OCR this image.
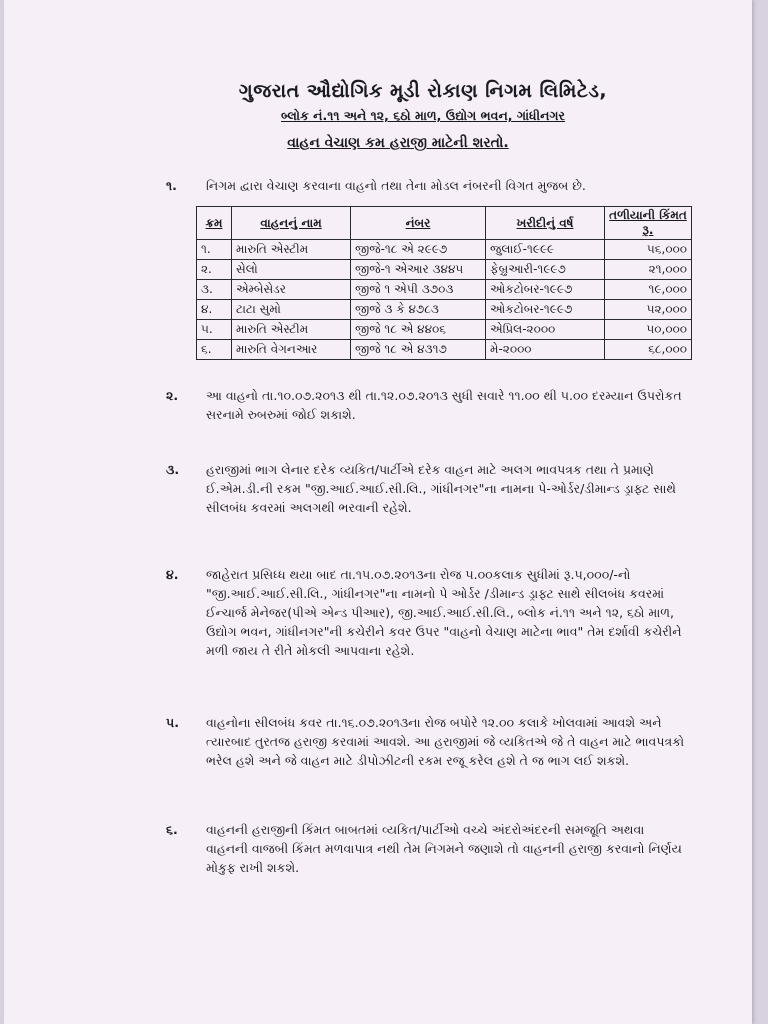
ગુજરાત ઔદ્યોગિક મૂડી રોકાણ નિગમ લિમિટેડ,
બ્લોક નં.૧૧ અને ૧૨, ૬ઠો માળ, ઉદ્યોગ ભવન, ગાંધીનગર
વાહન વેચાણ કમ હરાજી માટેની શરતો.
૧. નિગમ દ્વારા વેચાણ કરવાના વાહનો તથા તેના મોડલ નંબરની વિગત મુજબ છે.
ક્રમ	વાહનનું નામ	નંબર	ખરીદીનું વર્ષ	તળીયાની કિંમત રૂ.
૧.	મારુતિ એસ્ટીમ	જીજે-૧૮ એ ૨૯૯૭	જુલાઈ-૧૯૯૯	૫૬,૦૦૦
૨.	સેલો	જીજે-૧ એઆર ૩૪૪૫	ફેબ્રુઆરી-૧૯૯૭	૨૧,૦૦૦
૩.	એમ્બેસેડર	જીજે ૧ એપી ૩૭૦૩	ઓકટોબર-૧૯૯૭	૧૯,૦૦૦
૪.	ટાટા સુમો	જીજે ૩ કે ૪૭૮૩	ઓકટોબર-૧૯૯૭	૫૨,૦૦૦
૫.	મારુતિ એસ્ટીમ	જીજે ૧૮ એ ૪૪૦૬	એપ્રિલ-૨૦૦૦	૫૦,૦૦૦
૬.	મારુતિ વેગનઆર	જીજે ૧૮ એ ૪૩૧૭	મે-૨૦૦૦	૬૮,૦૦૦
૨. આ વાહનો તા.૧૦.૦૭.૨૦૧૩ થી તા.૧૨.૦૭.૨૦૧૩ સુધી સવારે ૧૧.૦૦ થી ૫.૦૦ દરમ્યાન ઉપરોકત સરનામે રુબરુમાં જોઈ શકાશે.
૩. હરાજીમાં ભાગ લેનાર દરેક વ્યકિત/પાર્ટીએ દરેક વાહન માટે અલગ ભાવપત્રક તથા તે પ્રમાણે ઈ.એમ.ડી.ની રકમ "જી.આઈ.આઈ.સી.લિ., ગાંધીનગર"ના નામના પે-ઓર્ડર/ડીમાન્ડ ડ્રાફ્ટ સાથે સીલબંધ કવરમાં અલગથી ભરવાની રહેશે.
૪. જાહેરાત પ્રસિધ્ધ થયા બાદ તા.૧૫.૦૭.૨૦૧૩ના રોજ ૫.૦૦કલાક સુધીમાં રૂ.૫,૦૦૦/-નો "જી.આઈ.આઈ.સી.લિ., ગાંધીનગર"ના નામનો પે ઓર્ડર /ડીમાન્ડ ડ્રાફ્ટ સાથે સીલબંધ કવરમાં ઈન્ચાર્જ મેનેજર(પીએ એન્ડ પીઆર), જી.આઈ.આઈ.સી.લિ., બ્લોક નં.૧૧ અને ૧૨, ૬ઠો માળ, ઉદ્યોગ ભવન, ગાંધીનગર"ની કચેરીને કવર ઉપર "વાહનો વેચાણ માટેના ભાવ" તેમ દર્શાવી કચેરીને મળી જાય તે રીતે મોકલી આપવાના રહેશે.
૫. વાહનોના સીલબંધ કવર તા.૧૬.૦૭.૨૦૧૩ના રોજ બપોરે ૧૨.૦૦ કલાકે ખોલવામાં આવશે અને ત્યારબાદ તુરતજ હરાજી કરવામાં આવશે. આ હરાજીમાં જે વ્યકિતએ જે તે વાહન માટે ભાવપત્રકો ભરેલ હશે અને જે વાહન માટે ડીપોઝીટની રકમ રજૂ કરેલ હશે તે જ ભાગ લઈ શકશે.
૬. વાહનની હરાજીની કિંમત બાબતમાં વ્યકિત/પાર્ટીઓ વચ્ચે અંદરોઅંદરની સમજૂતિ અથવા વાહનની વાજબી કિંમત મળવાપાત્ર નથી તેમ નિગમને જણાશે તો વાહનની હરાજી કરવાનો નિર્ણય મોકુફ રાખી શકશે.
